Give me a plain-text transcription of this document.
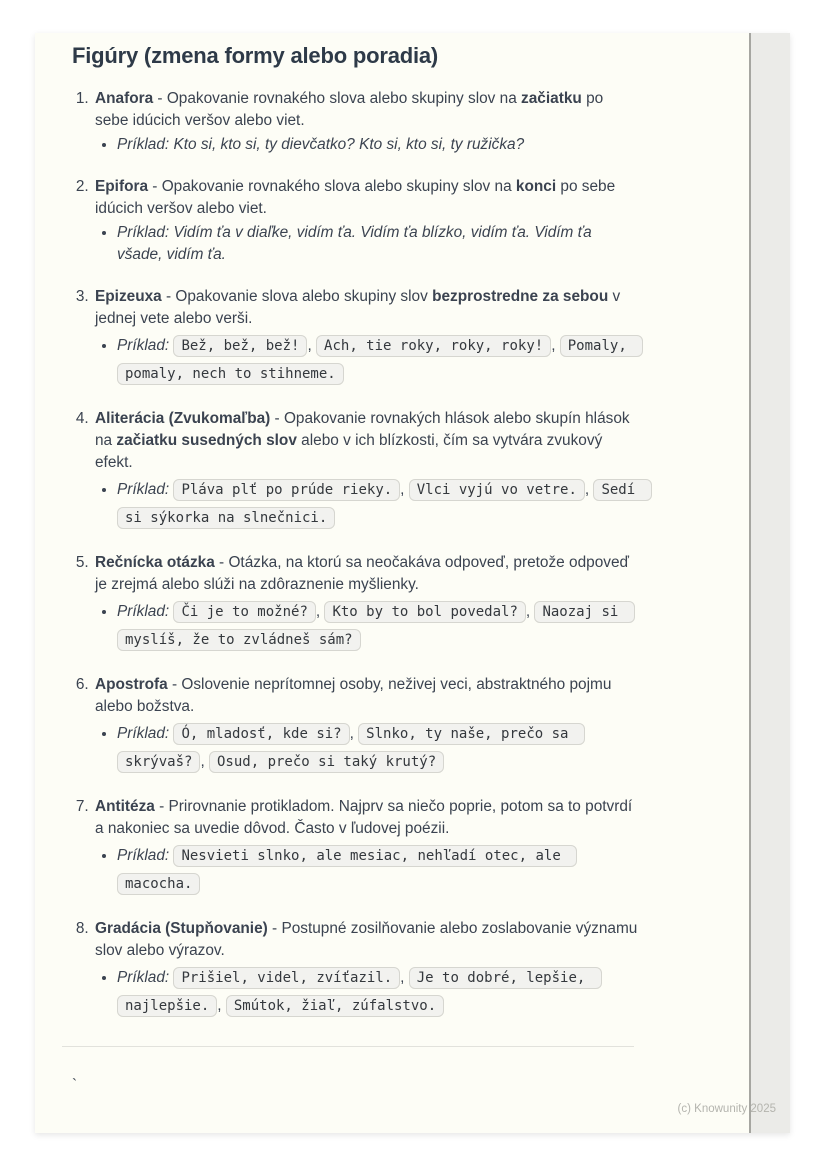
Figúry (zmena formy alebo poradia)
1. Anafora - Opakovanie rovnakého slova alebo skupiny slov na začiatku po sebe idúcich veršov alebo viet.
• Príklad: Kto si, kto si, ty dievčatko? Kto si, kto si, ty ružička?
2. Epifora - Opakovanie rovnakého slova alebo skupiny slov na konci po sebe idúcich veršov alebo viet.
• Príklad: Vidím ťa v diaľke, vidím ťa. Vidím ťa blízko, vidím ťa. Vidím ťa všade, vidím ťa.
3. Epizeuxa - Opakovanie slova alebo skupiny slov bezprostredne za sebou v jednej vete alebo verši.
• Príklad: Bež, bež, bež! , Ach, tie roky, roky, roky! , Pomaly, pomaly, nech to stihneme.
4. Aliterácia (Zvukomaľba) - Opakovanie rovnakých hlások alebo skupín hlások na začiatku susedných slov alebo v ich blízkosti, čím sa vytvára zvukový efekt.
• Príklad: Pláva plť po prúde rieky. , Vlci vyjú vo vetre. , Sedí si sýkorka na slnečnici.
5. Rečnícka otázka - Otázka, na ktorú sa neočakáva odpoveď, pretože odpoveď je zrejmá alebo slúži na zdôraznenie myšlienky.
• Príklad: Či je to možné? , Kto by to bol povedal? , Naozaj si myslíš, že to zvládneš sám?
6. Apostrofa - Oslovenie neprítomnej osoby, neživej veci, abstraktného pojmu alebo božstva.
• Príklad: Ó, mladosť, kde si? , Slnko, ty naše, prečo sa skrývaš? , Osud, prečo si taký krutý?
7. Antitéza - Prirovnanie protikladom. Najprv sa niečo poprie, potom sa to potvrdí a nakoniec sa uvedie dôvod. Často v ľudovej poézii.
• Príklad: Nesvieti slnko, ale mesiac, nehľadí otec, ale macocha.
8. Gradácia (Stupňovanie) - Postupné zosilňovanie alebo zoslabovanie významu slov alebo výrazov.
• Príklad: Prišiel, videl, zvíťazil. , Je to dobré, lepšie, najlepšie. , Smútok, žiaľ, zúfalstvo.

`

(c) Knowunity 2025
